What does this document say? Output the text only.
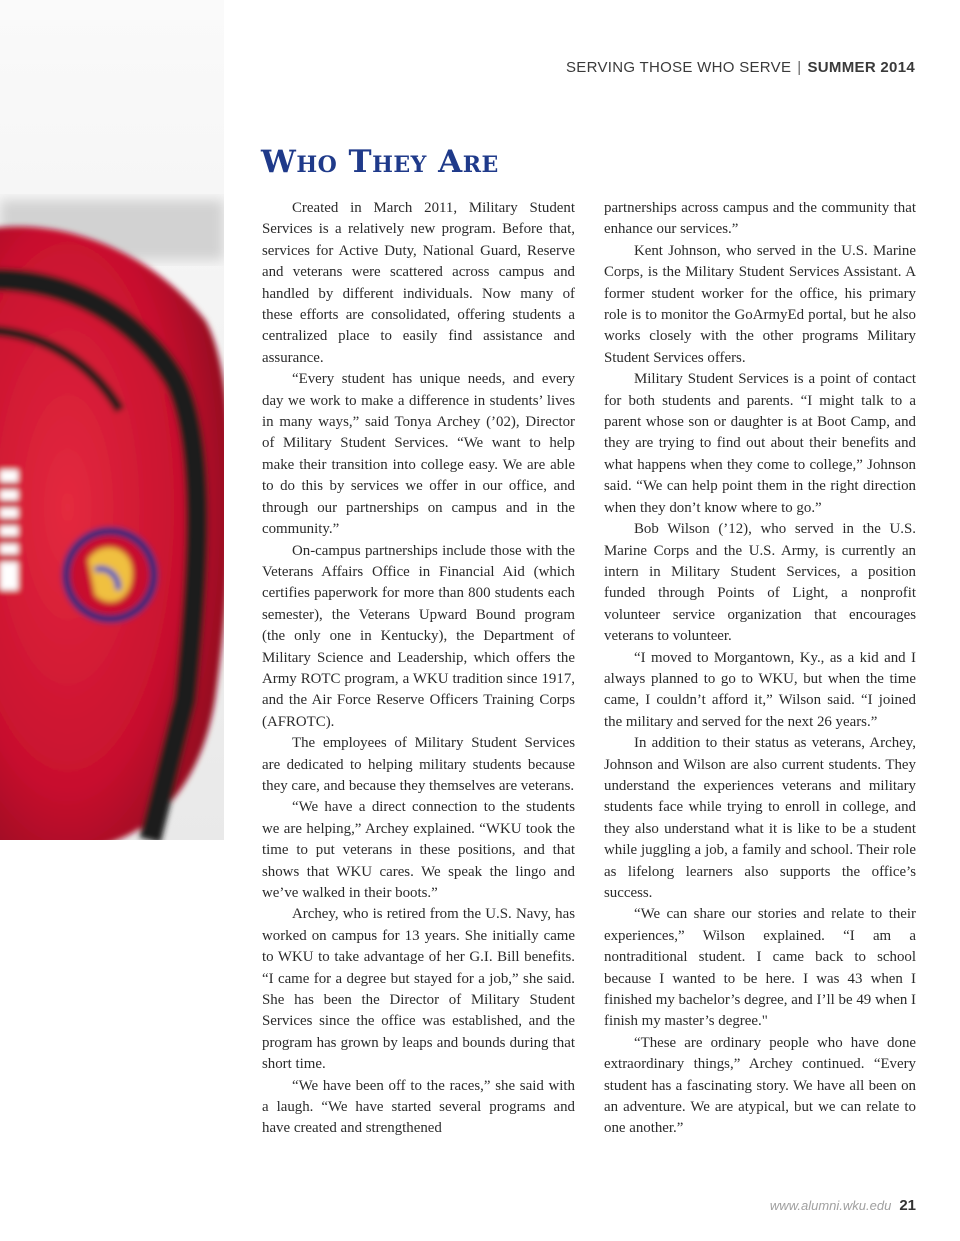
SERVING THOSE WHO SERVE | SUMMER 2014
Who They Are

Created in March 2011, Military Student Services is a relatively new program. Before that, services for Active Duty, National Guard, Reserve and veterans were scattered across campus and handled by different individuals. Now many of these efforts are consolidated, offering students a centralized place to easily find assistance and assurance.

“Every student has unique needs, and every day we work to make a difference in students’ lives in many ways,” said Tonya Archey (’02), Director of Military Student Services. “We want to help make their transition into college easy. We are able to do this by services we offer in our office, and through our partnerships on campus and in the community.”

On-campus partnerships include those with the Veterans Affairs Office in Financial Aid (which certifies paperwork for more than 800 students each semester), the Veterans Upward Bound program (the only one in Kentucky), the Department of Military Science and Leadership, which offers the Army ROTC program, a WKU tradition since 1917, and the Air Force Reserve Officers Training Corps (AFROTC).

The employees of Military Student Services are dedicated to helping military students because they care, and because they themselves are veterans.

“We have a direct connection to the students we are helping,” Archey explained. “WKU took the time to put veterans in these positions, and that shows that WKU cares. We speak the lingo and we’ve walked in their boots.”

Archey, who is retired from the U.S. Navy, has worked on campus for 13 years. She initially came to WKU to take advantage of her G.I. Bill benefits. “I came for a degree but stayed for a job,” she said. She has been the Director of Military Student Services since the office was established, and the program has grown by leaps and bounds during that short time.

“We have been off to the races,” she said with a laugh. “We have started several programs and have created and strengthened

partnerships across campus and the community that enhance our services.”

Kent Johnson, who served in the U.S. Marine Corps, is the Military Student Services Assistant. A former student worker for the office, his primary role is to monitor the GoArmyEd portal, but he also works closely with the other programs Military Student Services offers.

Military Student Services is a point of contact for both students and parents. “I might talk to a parent whose son or daughter is at Boot Camp, and they are trying to find out about their benefits and what happens when they come to college,” Johnson said. “We can help point them in the right direction when they don’t know where to go.”

Bob Wilson (’12), who served in the U.S. Marine Corps and the U.S. Army, is currently an intern in Military Student Services, a position funded through Points of Light, a nonprofit volunteer service organization that encourages veterans to volunteer.

“I moved to Morgantown, Ky., as a kid and I always planned to go to WKU, but when the time came, I couldn’t afford it,” Wilson said. “I joined the military and served for the next 26 years.”

In addition to their status as veterans, Archey, Johnson and Wilson are also current students. They understand the experiences veterans and military students face while trying to enroll in college, and they also understand what it is like to be a student while juggling a job, a family and school. Their role as lifelong learners also supports the office’s success.

“We can share our stories and relate to their experiences,” Wilson explained. “I am a nontraditional student. I came back to school because I wanted to be here. I was 43 when I finished my bachelor’s degree, and I’ll be 49 when I finish my master’s degree."

“These are ordinary people who have done extraordinary things,” Archey continued. “Every student has a fascinating story. We have all been on an adventure. We are atypical, but we can relate to one another.”

www.alumni.wku.edu 21
